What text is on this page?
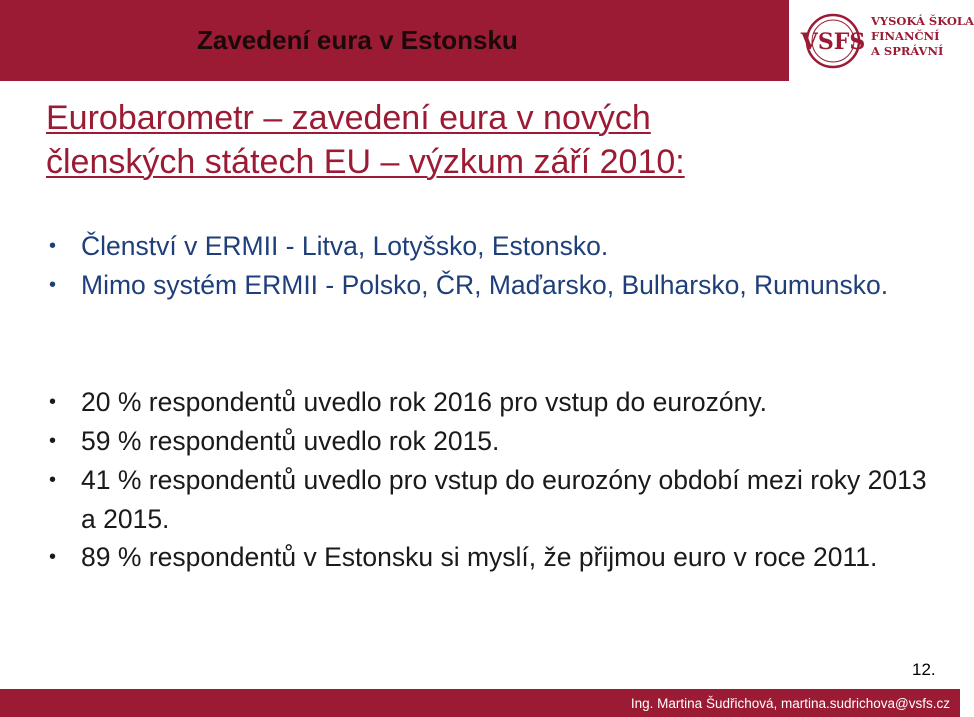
Zavedení eura v Estonsku	VSFS
VYSOKÁ ŠKOLA
FINANČNÍ
A SPRÁVNÍ
Eurobarometr – zavedení eura v nových
členských státech EU – výzkum září 2010:
• Členství v ERMII - Litva, Lotyšsko, Estonsko.
• Mimo systém ERMII - Polsko, ČR, Maďarsko, Bulharsko, Rumunsko.
• 20 % respondentů uvedlo rok 2016 pro vstup do eurozóny.
• 59 % respondentů uvedlo rok 2015.
• 41 % respondentů uvedlo pro vstup do eurozóny období mezi roky 2013 a 2015.
• 89 % respondentů v Estonsku si myslí, že přijmou euro v roce 2011.
12.
Ing. Martina Šudřichová, martina.sudrichova@vsfs.cz
